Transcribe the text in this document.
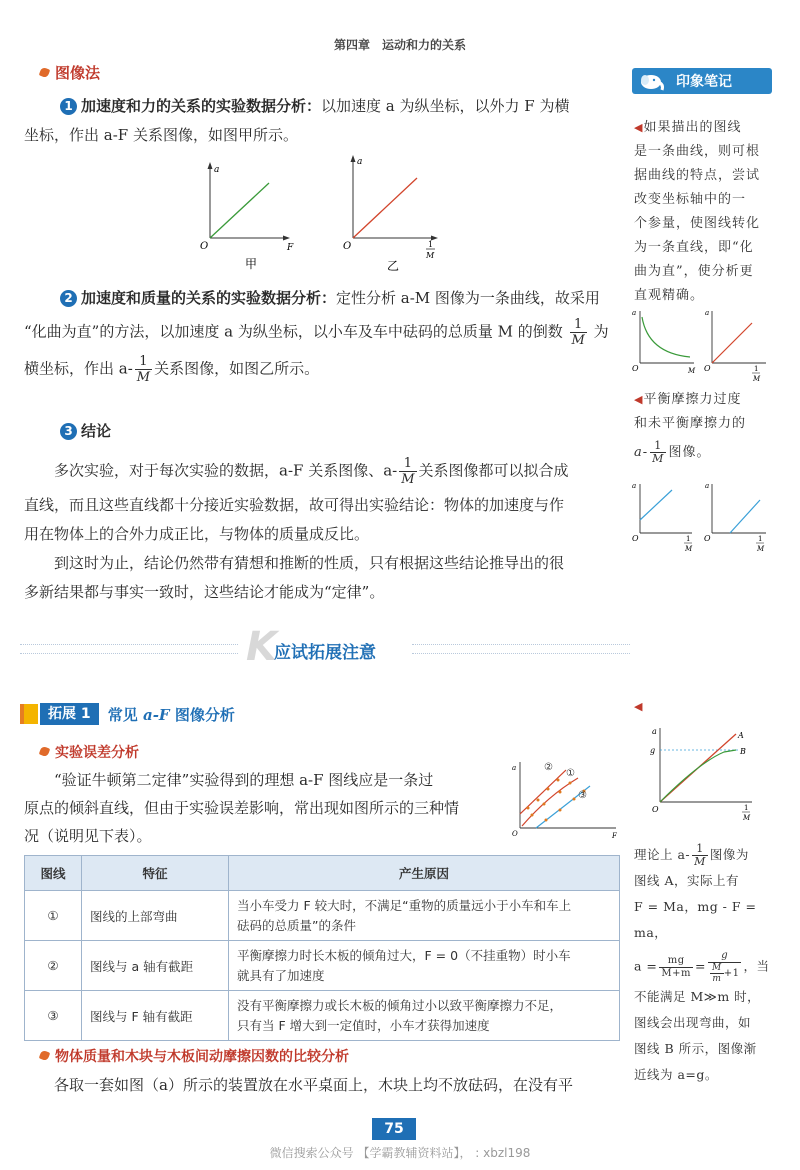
第四章　运动和力的关系
印象笔记
图像法
1 加速度和力的关系的实验数据分析：以加速度 a 为纵坐标，以外力 F 为横
坐标，作出 a-F 关系图像，如图甲所示。
a
O	F
甲
a
O	1
M
乙
2 加速度和质量的关系的实验数据分析：定性分析 a-M 图像为一条曲线，故采用
“化曲为直”的方法，以加速度 a 为纵坐标，以小车及车中砝码的总质量 M 的倒数 $\frac{1}{M}$ 为
横坐标，作出 $a- \frac{1}{M}$ 关系图像，如图乙所示。
3 结论
多次实验，对于每次实验的数据，a-F 关系图像、$a- \frac{1}{M}$ 关系图像都可以拟合成
直线，而且这些直线都十分接近实验数据，故可得出实验结论：物体的加速度与作
用在物体上的合外力成正比，与物体的质量成反比。
到这时为止，结论仍然带有猜想和推断的性质，只有根据这些结论推导出的很
多新结果都与事实一致时，这些结论才能成为“定律”。
◀如果描出的图线
是一条曲线，则可根
据曲线的特点，尝试
改变坐标轴中的一
个参量，使图线转化
为一条直线，即“化
曲为直”，使分析更
直观精确。
a
O	M
a
O	1
M
◀平衡摩擦力过度
和未平衡摩擦力的
$a- \frac{1}{M}$ 图像。
a
O	1
M
a
O	1
M
K
应试拓展注意
拓展 1 常见 a-F 图像分析
实验误差分析
“验证牛顿第二定律”实验得到的理想 a-F 图线应是一条过
原点的倾斜直线，但由于实验误差影响，常出现如图所示的三种情
况（说明见下表）。
a
O	F
②
①
③
图线	特征	产生原因
①	图线的上部弯曲	当小车受力 F 较大时，不满足“重物的质量远小于小车和车上
砝码的总质量”的条件

②	图线与 a 轴有截距	平衡摩擦力时长木板的倾角过大，F = 0（不挂重物）时小车
就具有了加速度

③	图线与 F 轴有截距	没有平衡摩擦力或长木板的倾角过小以致平衡摩擦力不足，
只有当 F 增大到一定值时，小车才获得加速度
物体质量和木块与木板间动摩擦因数的比较分析
各取一套如图（a）所示的装置放在水平桌面上，木块上均不放砝码，在没有平
◀
a
g
O
A
B
1
M
理论上 $a- \frac{1}{M}$ 图像为
图线 A，实际上有
F = Ma，mg - F = ma，
$a = \frac{mg}{M+m} = \frac{g}{\frac{M}{m} +1}$ ，当
不能满足 M≫m 时，
图线会出现弯曲，如
图线 B 所示，图像渐
近线为 a=g。
75
微信搜索公众号 【学霸教辅资料站】， : xbzl198
